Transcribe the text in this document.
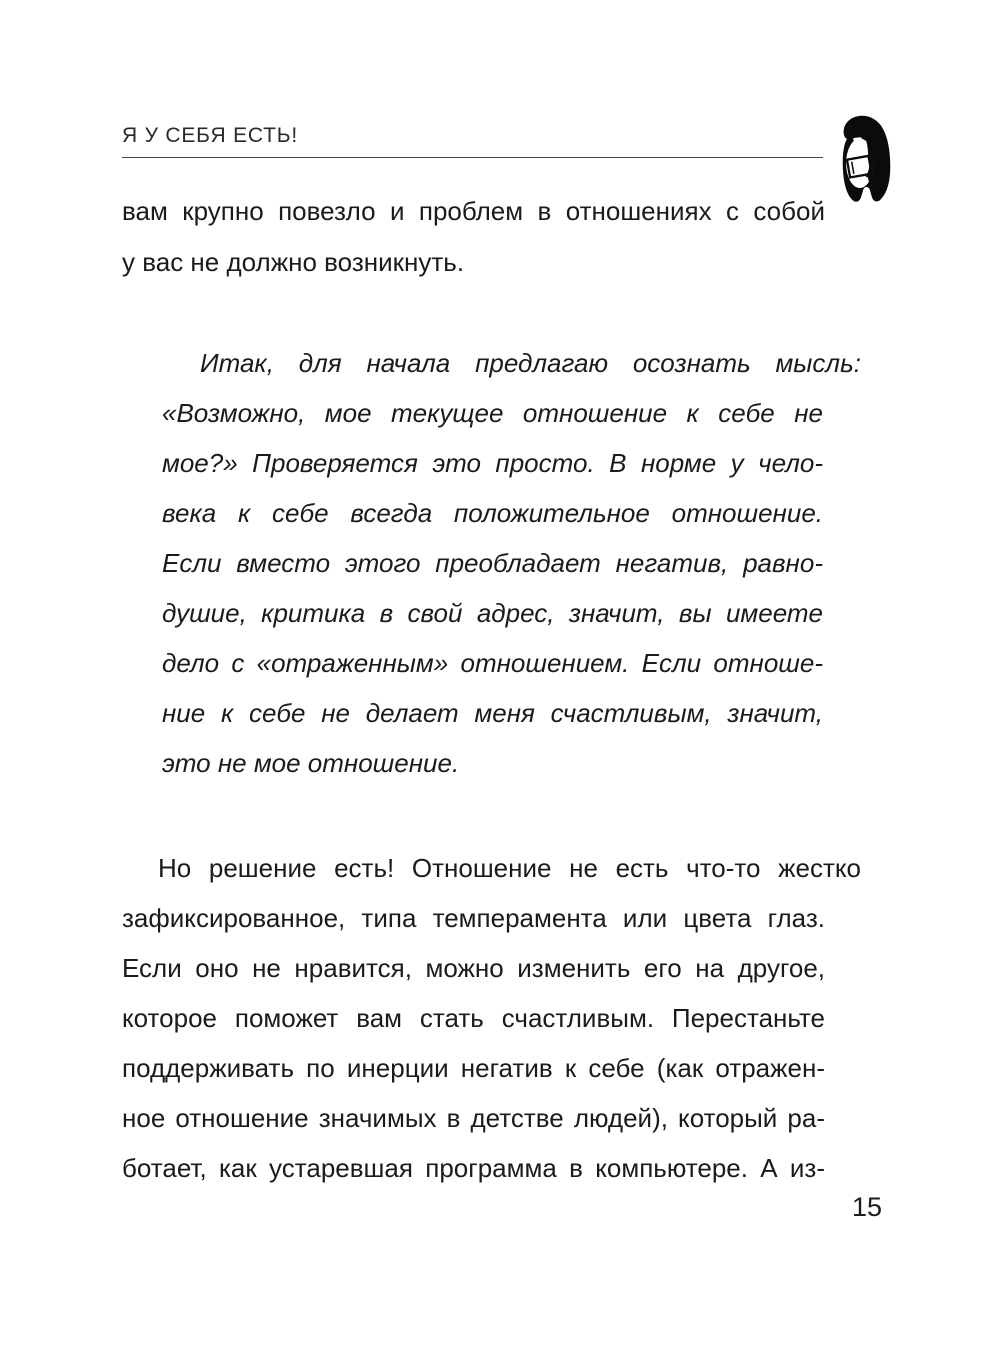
Я У СЕБЯ ЕСТЬ!
вам крупно повезло и проблем в отношениях с собой
у вас не должно возникнуть.
Итак, для начала предлагаю осознать мысль:
«Возможно, мое текущее отношение к себе не
мое?» Проверяется это просто. В норме у чело-
века к себе всегда положительное отношение.
Если вместо этого преобладает негатив, равно-
душие, критика в свой адрес, значит, вы имеете
дело с «отраженным» отношением. Если отноше-
ние к себе не делает меня счастливым, значит,
это не мое отношение.
Но решение есть! Отношение не есть что-то жестко
зафиксированное, типа темперамента или цвета глаз.
Если оно не нравится, можно изменить его на другое,
которое поможет вам стать счастливым. Перестаньте
поддерживать по инерции негатив к себе (как отражен-
ное отношение значимых в детстве людей), который ра-
ботает, как устаревшая программа в компьютере. А из-
15
